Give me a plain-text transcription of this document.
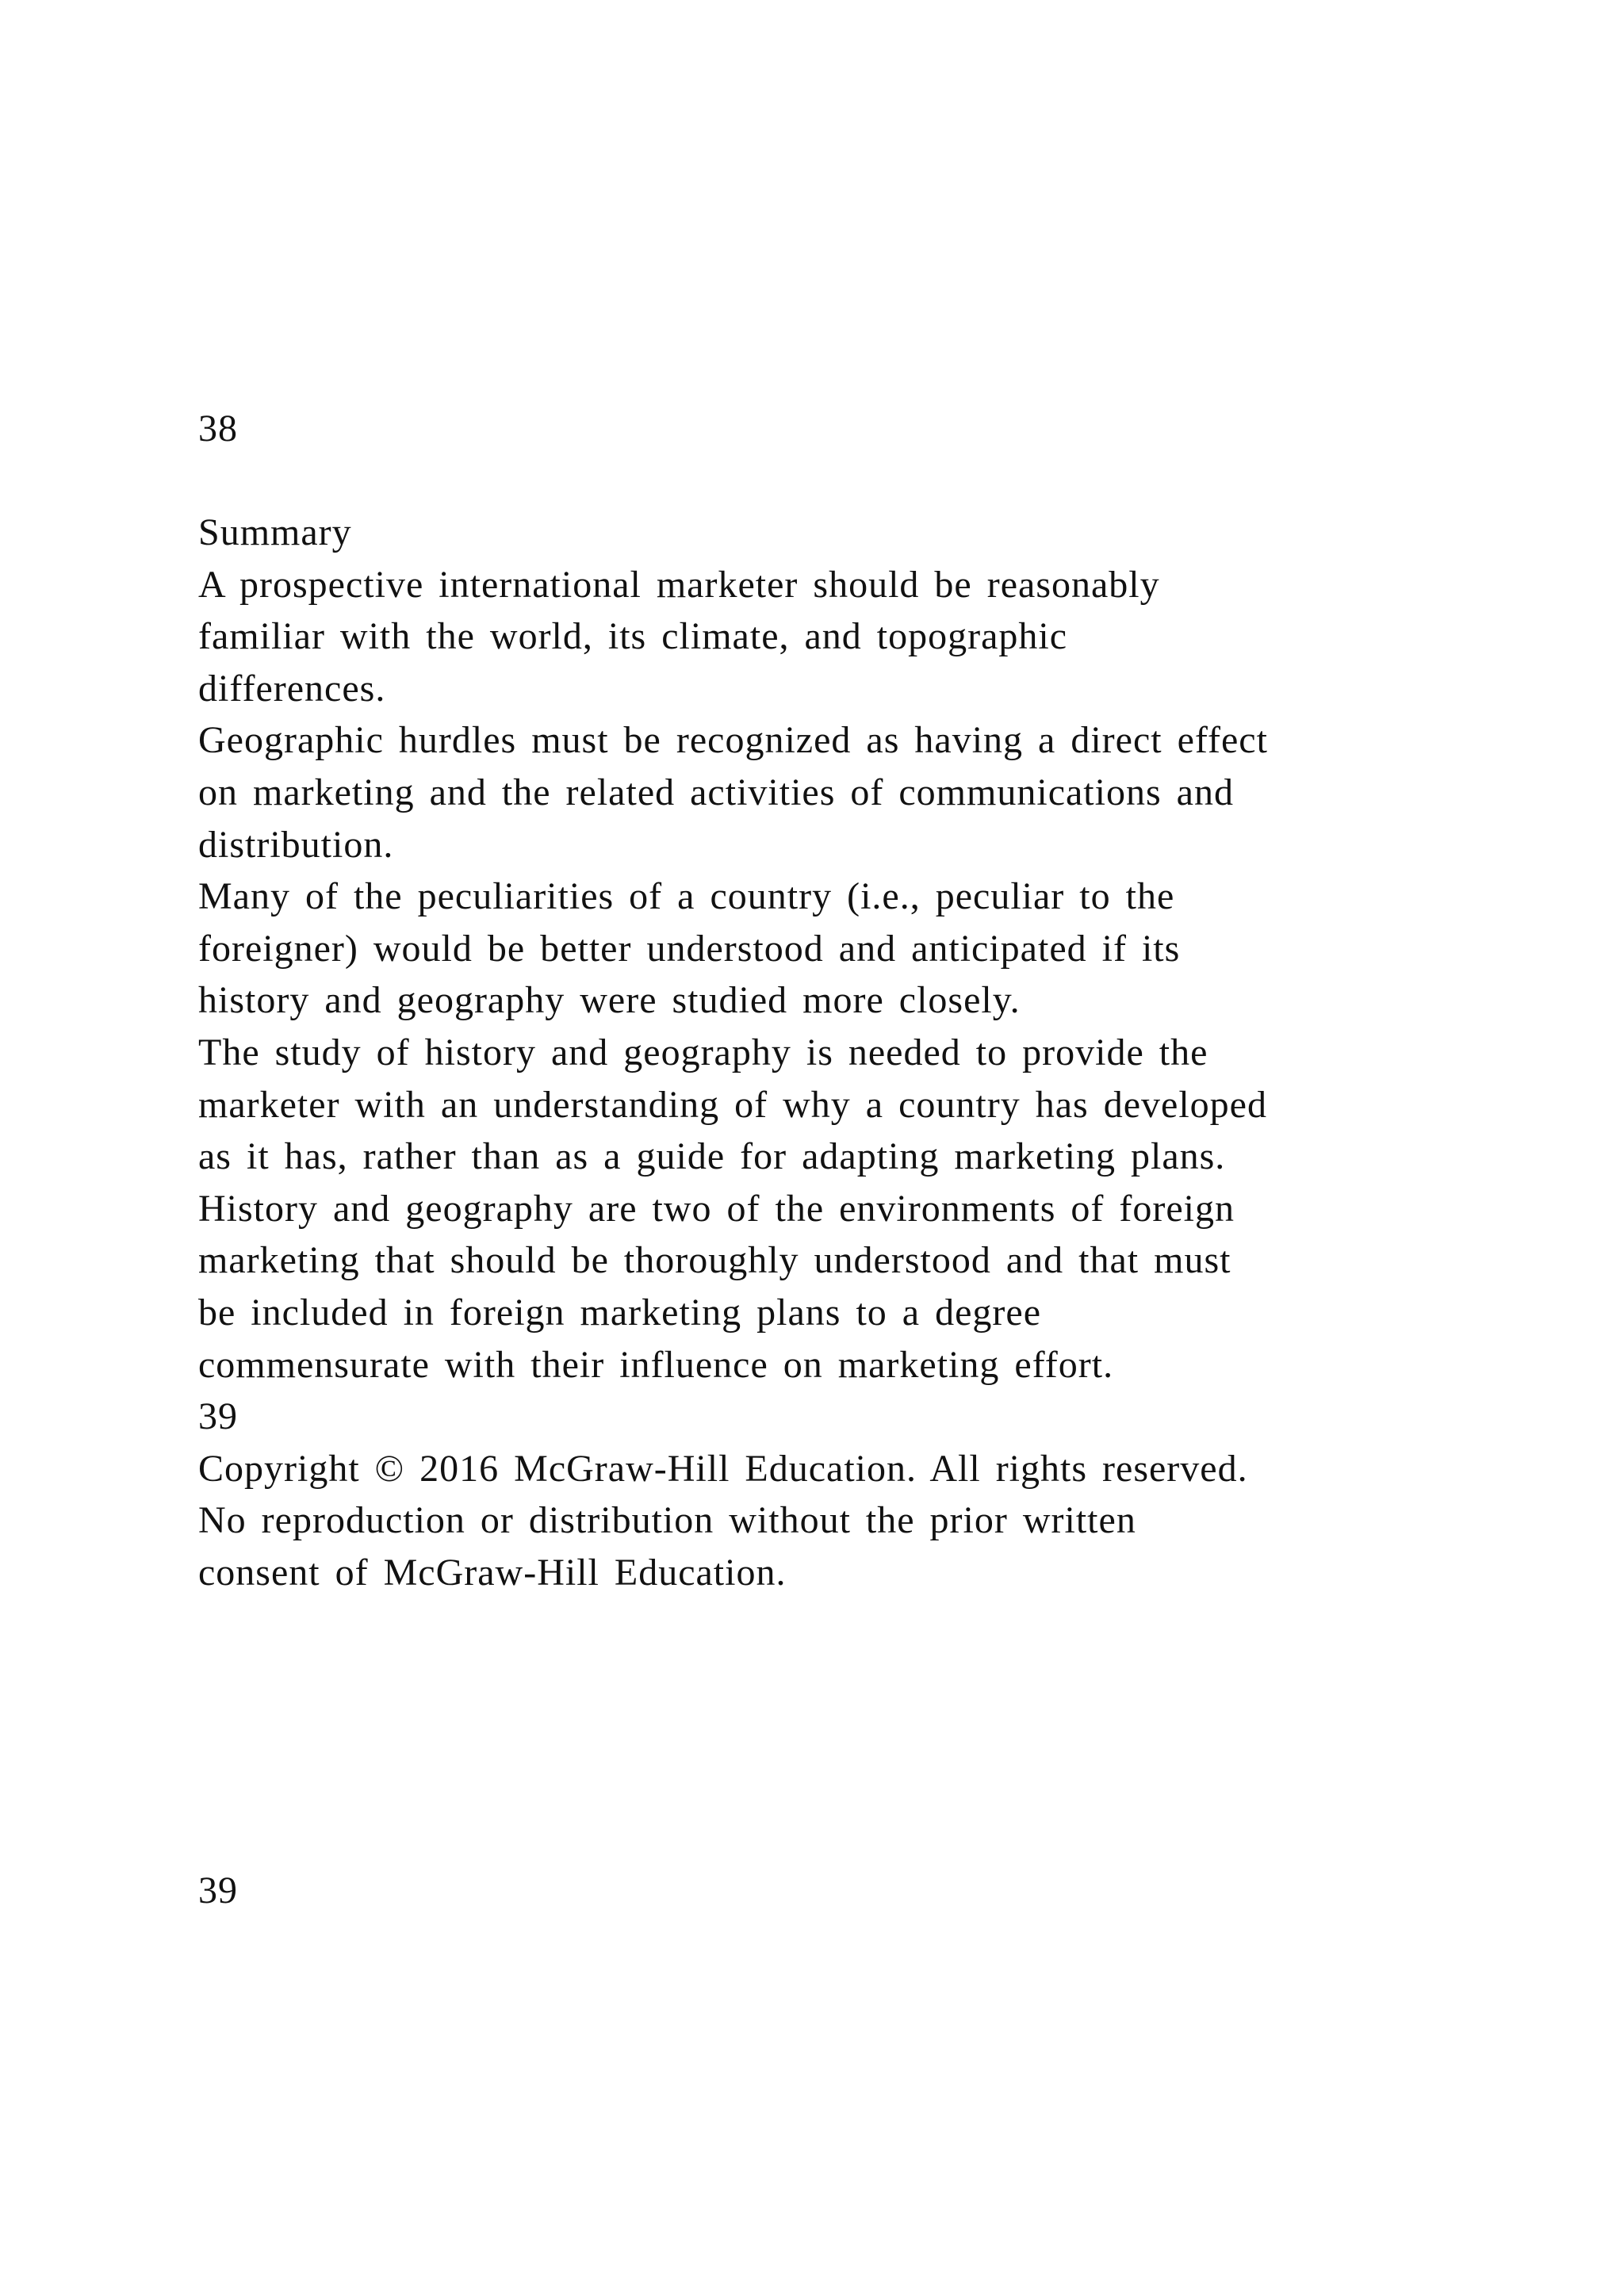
38
Summary
A prospective international marketer should be reasonably
familiar with the world, its climate, and topographic
differences.
Geographic hurdles must be recognized as having a direct effect
on marketing and the related activities of communications and
distribution.
Many of the peculiarities of a country (i.e., peculiar to the
foreigner) would be better understood and anticipated if its
history and geography were studied more closely.
The study of history and geography is needed to provide the
marketer with an understanding of why a country has developed
as it has, rather than as a guide for adapting marketing plans.
History and geography are two of the environments of foreign
marketing that should be thoroughly understood and that must
be included in foreign marketing plans to a degree
commensurate with their influence on marketing effort.
39
Copyright © 2016 McGraw-Hill Education. All rights reserved.
No reproduction or distribution without the prior written
consent of McGraw-Hill Education.
39
